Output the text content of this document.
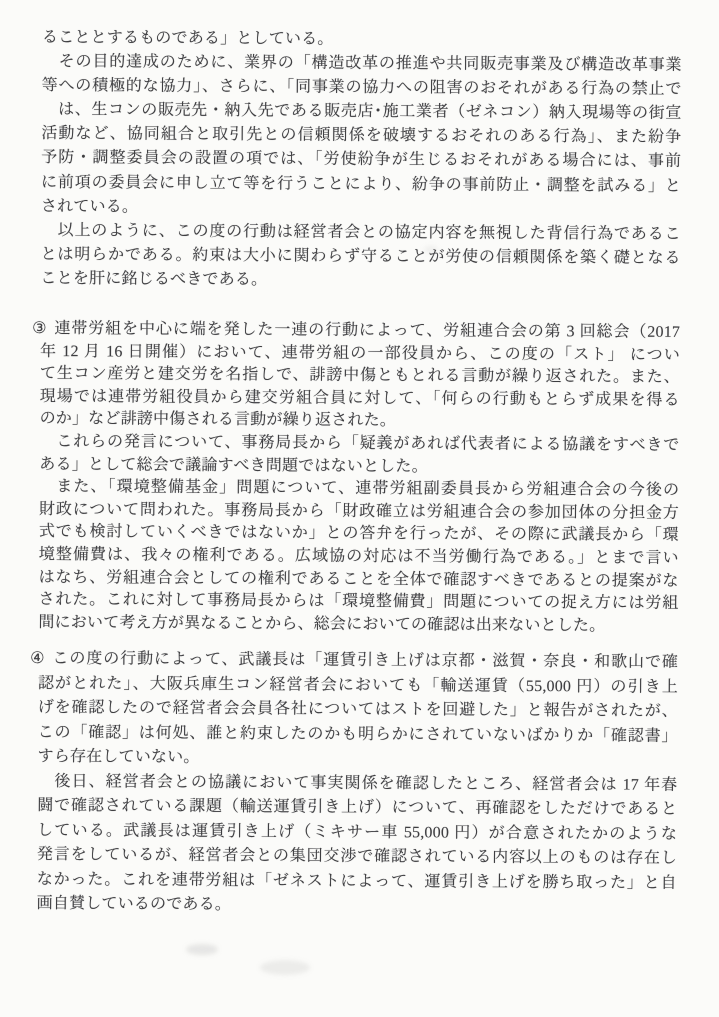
ることとするものである」としている。
　その目的達成のために、業界の「構造改革の推進や共同販売事業及び構造改革事業
等への積極的な協力」、さらに、「同事業の協力への阻害のおそれがある行為の禁止で
　は、生コンの販売先・納入先である販売店･施工業者（ゼネコン）納入現場等の街宣
活動など、協同組合と取引先との信頼関係を破壊するおそれのある行為」、また紛争
予防・調整委員会の設置の項では、「労使紛争が生じるおそれがある場合には、事前
に前項の委員会に申し立て等を行うことにより、紛争の事前防止・調整を試みる」と
されている。
　以上のように、この度の行動は経営者会との協定内容を無視した背信行為であるこ
とは明らかである。約束は大小に関わらず守ることが労使の信頼関係を築く礎となる
ことを肝に銘じるべきである。
③ 連帯労組を中心に端を発した一連の行動によって、労組連合会の第 3 回総会（2017
年 12 月 16 日開催）において、連帯労組の一部役員から、この度の「スト」 につい
て生コン産労と建交労を名指しで、誹謗中傷ともとれる言動が繰り返された。また、
現場では連帯労組役員から建交労組合員に対して、「何らの行動もとらず成果を得る
のか」など誹謗中傷される言動が繰り返された。
　これらの発言について、事務局長から「疑義があれば代表者による協議をすべきで
ある」として総会で議論すべき問題ではないとした。
　また、「環境整備基金」問題について、連帯労組副委員長から労組連合会の今後の
財政について問われた。事務局長から「財政確立は労組連合会の参加団体の分担金方
式でも検討していくべきではないか」との答弁を行ったが、その際に武議長から「環
境整備費は、我々の権利である。広域協の対応は不当労働行為である。」とまで言い
はなち、労組連合会としての権利であることを全体で確認すべきであるとの提案がな
された。これに対して事務局長からは「環境整備費」問題についての捉え方には労組
間において考え方が異なることから、総会においての確認は出来ないとした。
④ この度の行動によって、武議長は「運賃引き上げは京都・滋賀・奈良・和歌山で確
認がとれた」、大阪兵庫生コン経営者会においても「輸送運賃（55,000 円）の引き上
げを確認したので経営者会会員各社についてはストを回避した」と報告がされたが、
この「確認」は何処、誰と約束したのかも明らかにされていないばかりか「確認書」
すら存在していない。
　後日、経営者会との協議において事実関係を確認したところ、経営者会は 17 年春
闘で確認されている課題（輸送運賃引き上げ）について、再確認をしただけであると
している。武議長は運賃引き上げ（ミキサー車 55,000 円）が合意されたかのような
発言をしているが、経営者会との集団交渉で確認されている内容以上のものは存在し
なかった。これを連帯労組は「ゼネストによって、運賃引き上げを勝ち取った」と自
画自賛しているのである。
